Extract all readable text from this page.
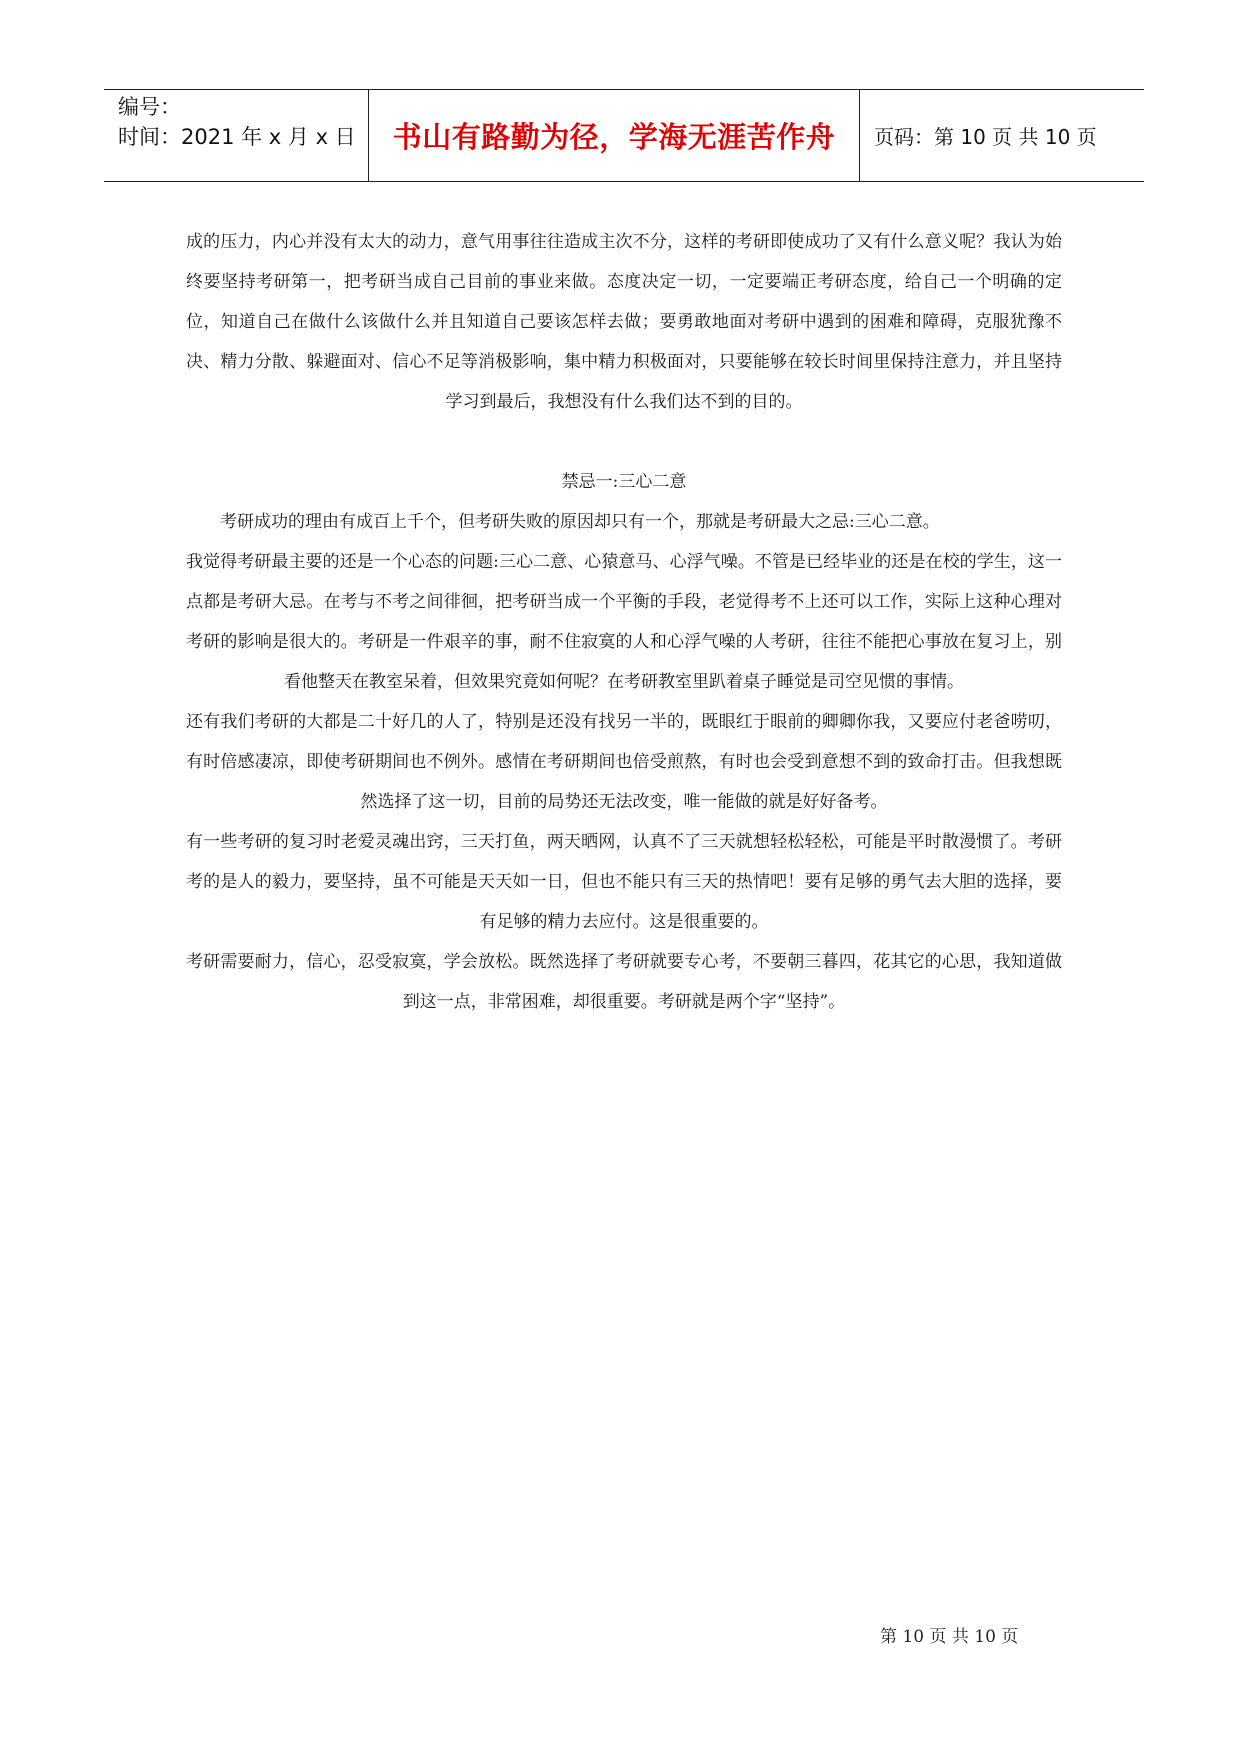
编号：
时间：2021 年 x 月 x 日	书山有路勤为径，学海无涯苦作舟	页码：第 10 页 共 10 页

成的压力，内心并没有太大的动力，意气用事往往造成主次不分，这样的考研即使成功了又有什么意义呢？我认为始终要坚持考研第一，把考研当成自己目前的事业来做。态度决定一切，一定要端正考研态度，给自己一个明确的定位，知道自己在做什么该做什么并且知道自己要该怎样去做；要勇敢地面对考研中遇到的困难和障碍，克服犹豫不决、精力分散、躲避面对、信心不足等消极影响，集中精力积极面对，只要能够在较长时间里保持注意力，并且坚持学习到最后，我想没有什么我们达不到的目的。

禁忌一:三心二意

考研成功的理由有成百上千个，但考研失败的原因却只有一个，那就是考研最大之忌:三心二意。

我觉得考研最主要的还是一个心态的问题:三心二意、心猿意马、心浮气噪。不管是已经毕业的还是在校的学生，这一点都是考研大忌。在考与不考之间徘徊，把考研当成一个平衡的手段，老觉得考不上还可以工作，实际上这种心理对考研的影响是很大的。考研是一件艰辛的事，耐不住寂寞的人和心浮气噪的人考研，往往不能把心事放在复习上，别看他整天在教室呆着，但效果究竟如何呢？在考研教室里趴着桌子睡觉是司空见惯的事情。

还有我们考研的大都是二十好几的人了，特别是还没有找另一半的，既眼红于眼前的卿卿你我，又要应付老爸唠叨，有时倍感凄凉，即使考研期间也不例外。感情在考研期间也倍受煎熬，有时也会受到意想不到的致命打击。但我想既然选择了这一切，目前的局势还无法改变，唯一能做的就是好好备考。

有一些考研的复习时老爱灵魂出窍，三天打鱼，两天晒网，认真不了三天就想轻松轻松，可能是平时散漫惯了。考研考的是人的毅力，要坚持，虽不可能是天天如一日，但也不能只有三天的热情吧！要有足够的勇气去大胆的选择，要有足够的精力去应付。这是很重要的。

考研需要耐力，信心，忍受寂寞，学会放松。既然选择了考研就要专心考，不要朝三暮四，花其它的心思，我知道做到这一点，非常困难，却很重要。考研就是两个字“坚持”。

第 10 页 共 10 页
